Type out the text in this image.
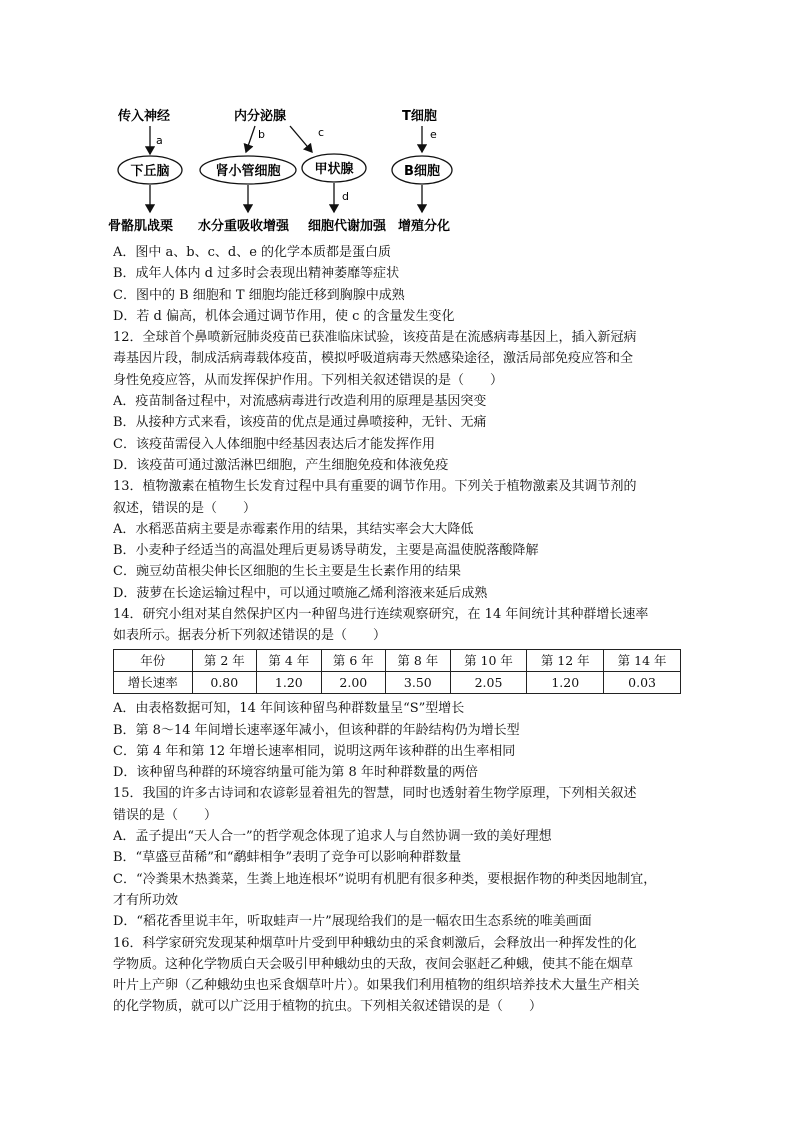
传入神经	内分泌腺	T细胞
a	b	c	e
下丘脑	肾小管细胞	甲状腺	B细胞
d
骨骼肌战栗 水分重吸收增强 细胞代谢加强 增殖分化
A．图中 a、b、c、d、e 的化学本质都是蛋白质
B．成年人体内 d 过多时会表现出精神萎靡等症状
C．图中的 B 细胞和 T 细胞均能迁移到胸腺中成熟
D．若 d 偏高，机体会通过调节作用，使 c 的含量发生变化
12．全球首个鼻喷新冠肺炎疫苗已获准临床试验，该疫苗是在流感病毒基因上，插入新冠病
毒基因片段，制成活病毒载体疫苗，模拟呼吸道病毒天然感染途径，激活局部免疫应答和全
身性免疫应答，从而发挥保护作用。下列相关叙述错误的是（　　）
A．疫苗制备过程中，对流感病毒进行改造利用的原理是基因突变
B．从接种方式来看，该疫苗的优点是通过鼻喷接种，无针、无痛
C．该疫苗需侵入人体细胞中经基因表达后才能发挥作用
D．该疫苗可通过激活淋巴细胞，产生细胞免疫和体液免疫
13．植物激素在植物生长发育过程中具有重要的调节作用。下列关于植物激素及其调节剂的
叙述，错误的是（　　）
A．水稻恶苗病主要是赤霉素作用的结果，其结实率会大大降低
B．小麦种子经适当的高温处理后更易诱导萌发，主要是高温使脱落酸降解
C．豌豆幼苗根尖伸长区细胞的生长主要是生长素作用的结果
D．菠萝在长途运输过程中，可以通过喷施乙烯利溶液来延后成熟
14．研究小组对某自然保护区内一种留鸟进行连续观察研究，在 14 年间统计其种群增长速率
如表所示。据表分析下列叙述错误的是（　　）
年份	第 2 年	第 4 年	第 6 年	第 8 年	第 10 年	第 12 年	第 14 年
增长速率	0.80	1.20	2.00	3.50	2.05	1.20	0.03
A．由表格数据可知，14 年间该种留鸟种群数量呈“S”型增长
B．第 8～14 年间增长速率逐年减小，但该种群的年龄结构仍为增长型
C．第 4 年和第 12 年增长速率相同，说明这两年该种群的出生率相同
D．该种留鸟种群的环境容纳量可能为第 8 年时种群数量的两倍
15．我国的许多古诗词和农谚彰显着祖先的智慧，同时也透射着生物学原理，下列相关叙述
错误的是（　　）
A．孟子提出“天人合一”的哲学观念体现了追求人与自然协调一致的美好理想
B．“草盛豆苗稀”和“鹬蚌相争”表明了竞争可以影响种群数量
C．“冷粪果木热粪菜，生粪上地连根坏”说明有机肥有很多种类，要根据作物的种类因地制宜，
才有所功效
D．“稻花香里说丰年，听取蛙声一片”展现给我们的是一幅农田生态系统的唯美画面
16．科学家研究发现某种烟草叶片受到甲种蛾幼虫的采食刺激后，会释放出一种挥发性的化
学物质。这种化学物质白天会吸引甲种蛾幼虫的天敌，夜间会驱赶乙种蛾，使其不能在烟草
叶片上产卵（乙种蛾幼虫也采食烟草叶片）。如果我们利用植物的组织培养技术大量生产相关
的化学物质，就可以广泛用于植物的抗虫。下列相关叙述错误的是（　　）
